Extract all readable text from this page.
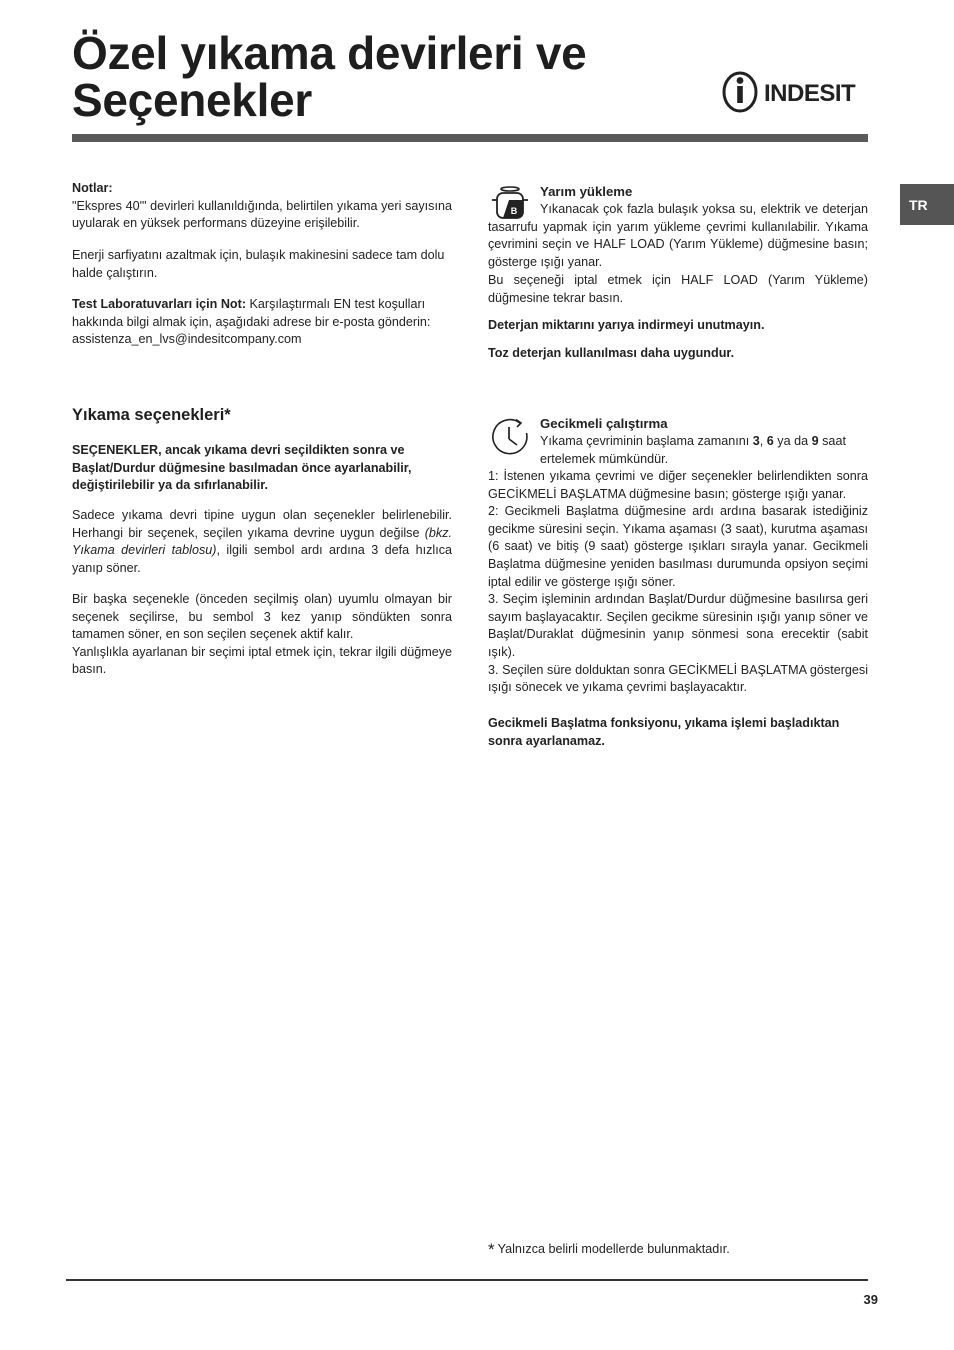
Özel yıkama devirleri ve
Seçenekler	INDESIT
TR

Notlar:

"Ekspres 40'" devirleri kullanıldığında, belirtilen yıkama yeri sayısına uyularak en yüksek performans düzeyine erişilebilir.

Enerji sarfiyatını azaltmak için, bulaşık makinesini sadece tam dolu halde çalıştırın.

Test Laboratuvarları için Not: Karşılaştırmalı EN test koşulları hakkında bilgi almak için, aşağıdaki adrese bir e-posta gönderin: assistenza_en_lvs@indesitcompany.com

Yıkama seçenekleri*
SEÇENEKLER, ancak yıkama devri seçildikten sonra ve Başlat/Durdur düğmesine basılmadan önce ayarlanabilir, değiştirilebilir ya da sıfırlanabilir.
Sadece yıkama devri tipine uygun olan seçenekler belirlenebilir. Herhangi bir seçenek, seçilen yıkama devrine uygun değilse (bkz. Yıkama devirleri tablosu), ilgili sembol ardı ardına 3 defa hızlıca yanıp söner.

Bir başka seçenekle (önceden seçilmiş olan) uyumlu olmayan bir seçenek seçilirse, bu sembol 3 kez yanıp söndükten sonra tamamen söner, en son seçilen seçenek aktif kalır.

Yanlışlıkla ayarlanan bir seçimi iptal etmek için, tekrar ilgili düğmeye basın.

B
Yarım yükleme
Yıkanacak çok fazla bulaşık yoksa su, elektrik ve deterjan tasarrufu yapmak için yarım yükleme çevrimi kullanılabilir. Yıkama çevrimini seçin ve HALF LOAD (Yarım Yükleme) düğmesine basın; gösterge ışığı yanar.
Bu seçeneği iptal etmek için HALF LOAD (Yarım Yükleme) düğmesine tekrar basın.
Deterjan miktarını yarıya indirmeyi unutmayın.
Toz deterjan kullanılması daha uygundur.
Gecikmeli çalıştırma
Yıkama çevriminin başlama zamanını 3, 6 ya da 9 saat ertelemek mümkündür.

1: İstenen yıkama çevrimi ve diğer seçenekler belirlendikten sonra GECİKMELİ BAŞLATMA düğmesine basın; gösterge ışığı yanar.

2: Gecikmeli Başlatma düğmesine ardı ardına basarak istediğiniz gecikme süresini seçin. Yıkama aşaması (3 saat), kurutma aşaması (6 saat) ve bitiş (9 saat) gösterge ışıkları sırayla yanar. Gecikmeli Başlatma düğmesine yeniden basılması durumunda opsiyon seçimi iptal edilir ve gösterge ışığı söner.

3. Seçim işleminin ardından Başlat/Durdur düğmesine basılırsa geri sayım başlayacaktır. Seçilen gecikme süresinin ışığı yanıp söner ve Başlat/Duraklat düğmesinin yanıp sönmesi sona erecektir (sabit ışık).

3. Seçilen süre dolduktan sonra GECİKMELİ BAŞLATMA göstergesi ışığı sönecek ve yıkama çevrimi başlayacaktır.

Gecikmeli Başlatma fonksiyonu, yıkama işlemi başladıktan sonra ayarlanamaz.
* Yalnızca belirli modellerde bulunmaktadır.
39
